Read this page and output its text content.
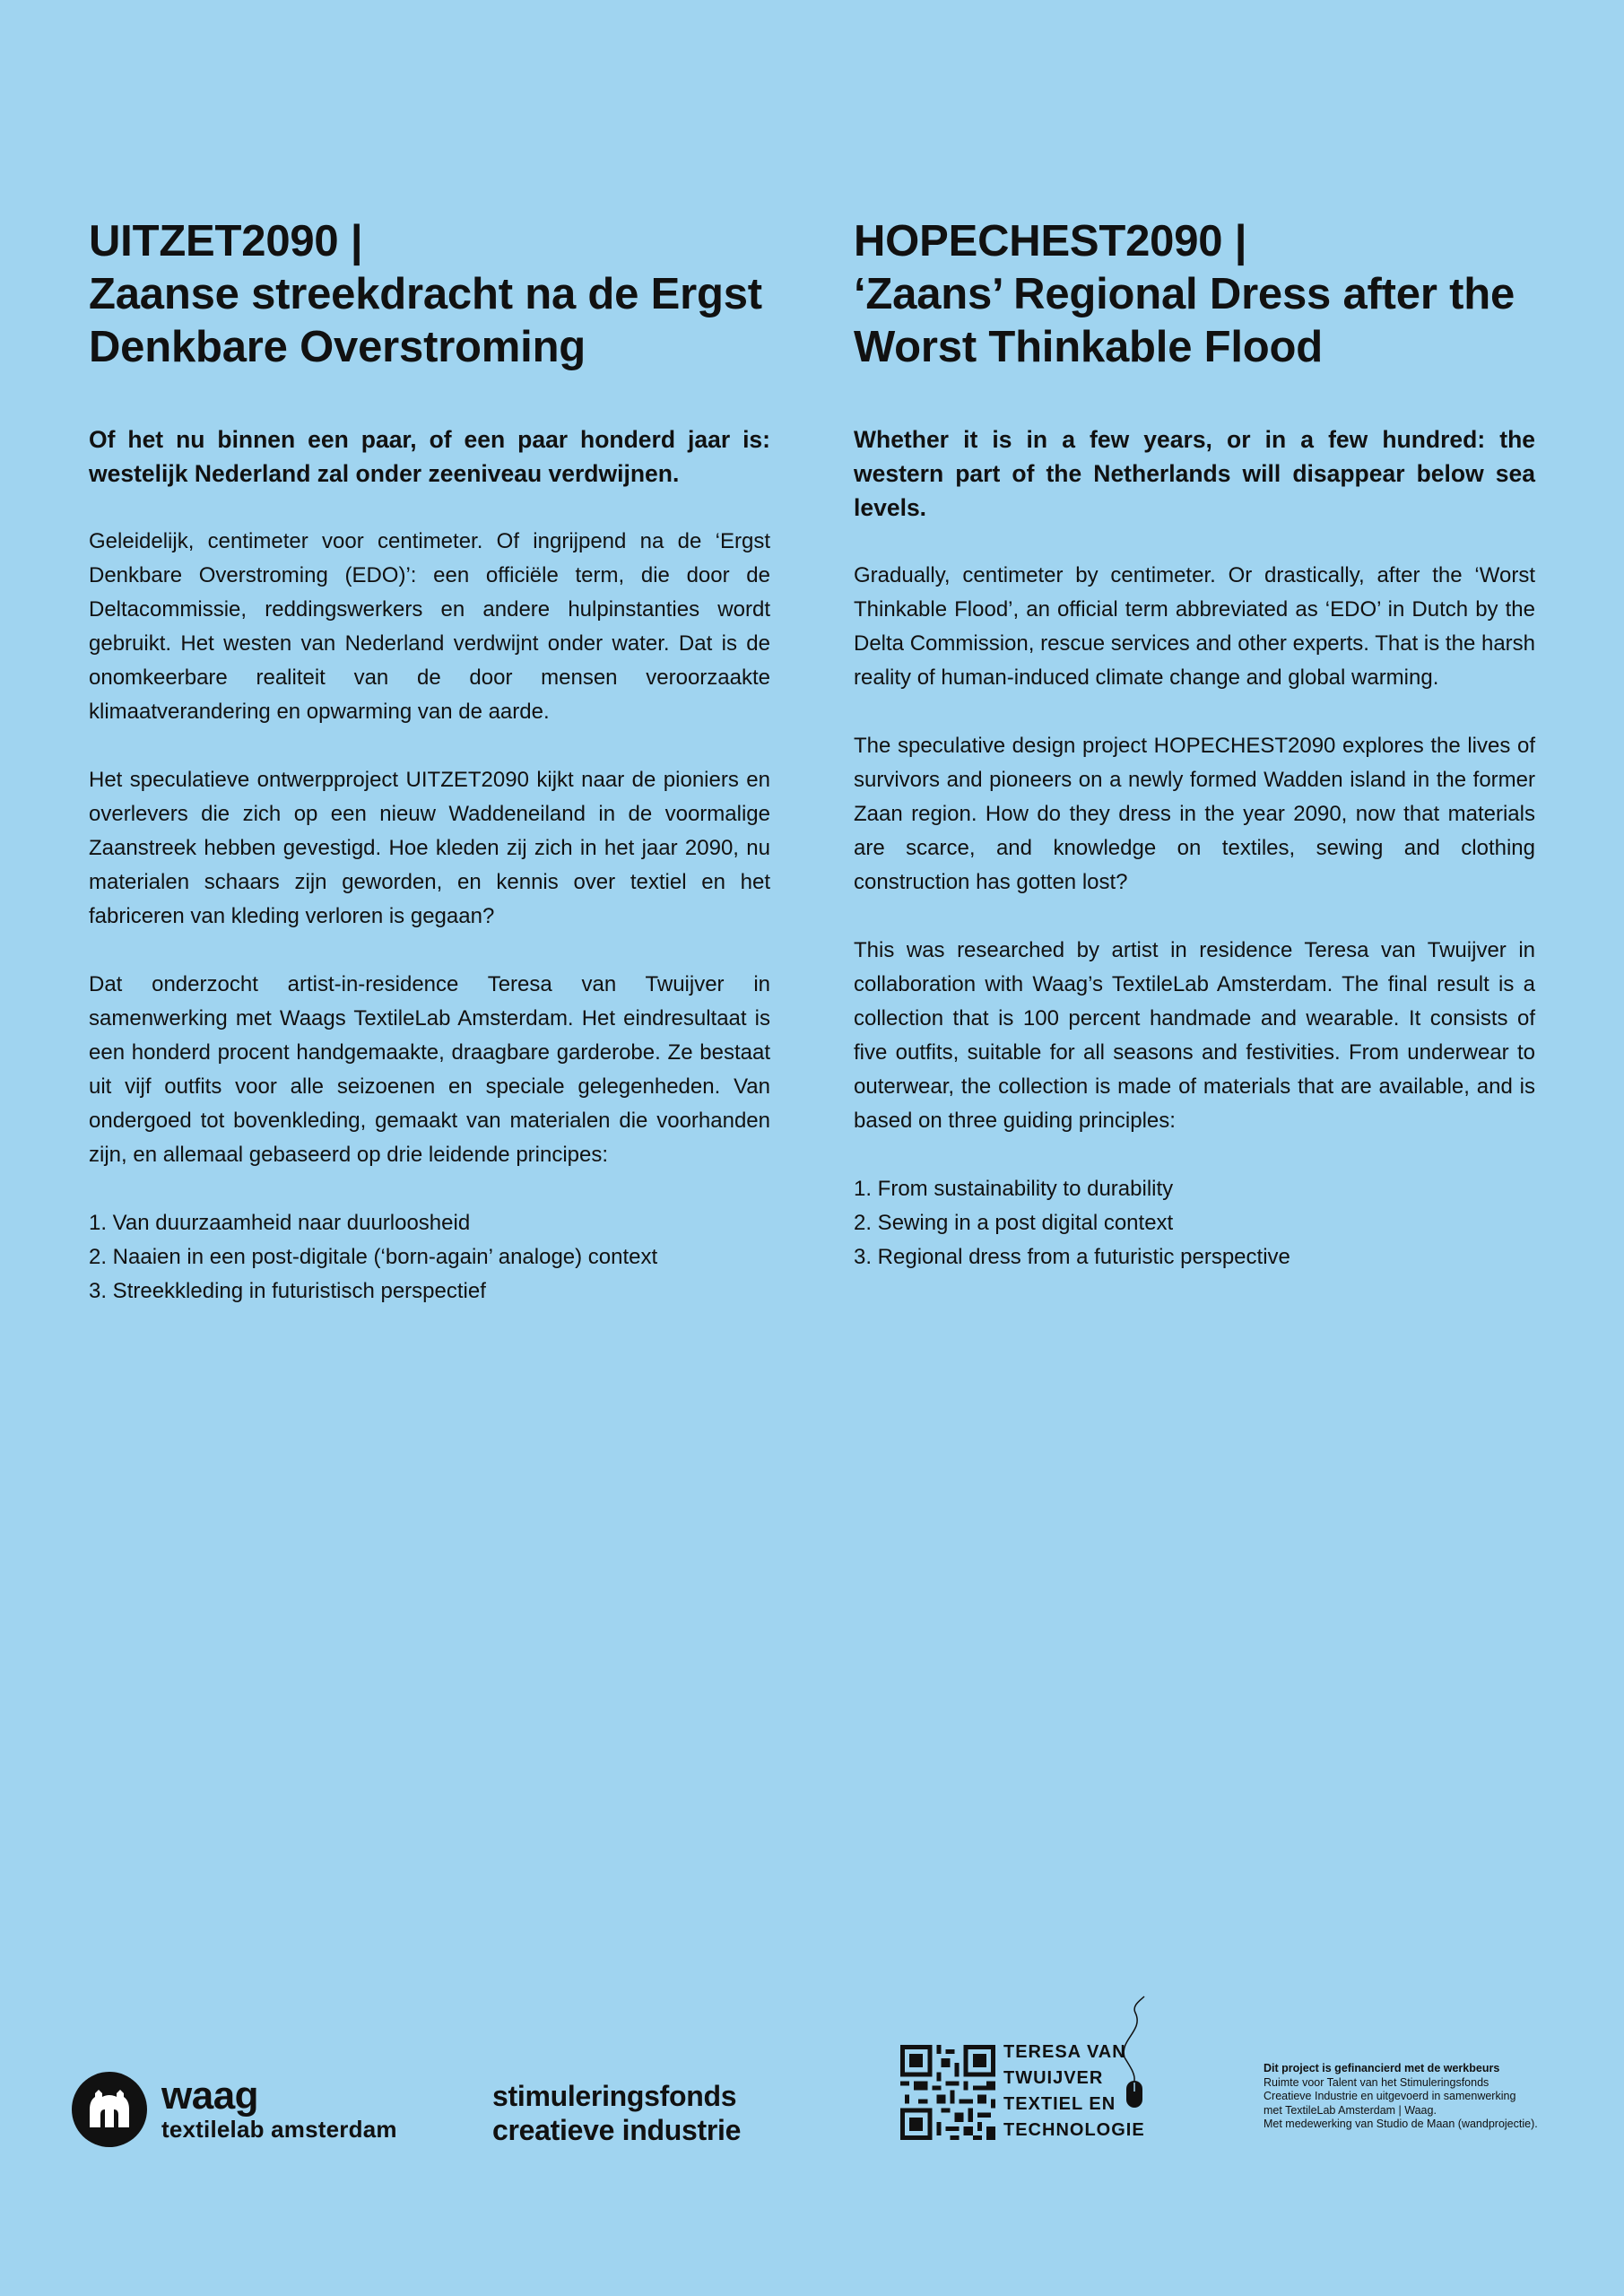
UITZET2090 |
Zaanse streekdracht na de Ergst
Denkbare Overstroming
Of het nu binnen een paar, of een paar honderd jaar is: westelijk Nederland zal onder zeeniveau verdwijnen.
Geleidelijk, centimeter voor centimeter. Of ingrijpend na de ‘Ergst Denkbare Overstroming (EDO)’: een officiële term, die door de Deltacommissie, reddingswerkers en andere hulpinstanties wordt gebruikt. Het westen van Nederland verdwijnt onder water. Dat is de onomkeerbare realiteit van de door mensen veroorzaakte klimaatverandering en opwarming van de aarde.
Het speculatieve ontwerpproject UITZET2090 kijkt naar de pioniers en overlevers die zich op een nieuw Waddeneiland in de voormalige Zaanstreek hebben gevestigd. Hoe kleden zij zich in het jaar 2090, nu materialen schaars zijn geworden, en kennis over textiel en het fabriceren van kleding verloren is gegaan?
Dat onderzocht artist-in-residence Teresa van Twuijver in samenwerking met Waags TextileLab Amsterdam. Het eindresultaat is een honderd procent handgemaakte, draagbare garderobe. Ze bestaat uit vijf outfits voor alle seizoenen en speciale gelegenheden. Van ondergoed tot bovenkleding, gemaakt van materialen die voorhanden zijn, en allemaal gebaseerd op drie leidende principes:
1. Van duurzaamheid naar duurloosheid
2. Naaien in een post-digitale (‘born-again’ analoge) context
3. Streekkleding in futuristisch perspectief
HOPECHEST2090 |
‘Zaans’ Regional Dress after the
Worst Thinkable Flood
Whether it is in a few years, or in a few hundred: the western part of the Netherlands will disappear below sea levels.
Gradually, centimeter by centimeter. Or drastically, after the ‘Worst Thinkable Flood’, an official term abbreviated as ‘EDO’ in Dutch by the Delta Commission, rescue services and other experts. That is the harsh reality of human-induced climate change and global warming.
The speculative design project HOPECHEST2090 explores the lives of survivors and pioneers on a newly formed Wadden island in the former Zaan region. How do they dress in the year 2090, now that materials are scarce, and knowledge on textiles, sewing and clothing construction has gotten lost?
This was researched by artist in residence Teresa van Twuijver in collaboration with Waag’s TextileLab Amsterdam. The final result is a collection that is 100 percent handmade and wearable. It consists of five outfits, suitable for all seasons and festivities. From underwear to outerwear, the collection is made of materials that are available, and is based on three guiding principles:
1. From sustainability to durability
2. Sewing in a post digital context
3. Regional dress from a futuristic perspective
waag
textilelab amsterdam
stimuleringsfonds
creatieve industrie
TERESA VAN
TWUIJVER
TEXTIEL EN
TECHNOLOGIE
Dit project is gefinancierd met de werkbeurs
Ruimte voor Talent van het Stimuleringsfonds
Creatieve Industrie en uitgevoerd in samenwerking
met TextileLab Amsterdam | Waag.
Met medewerking van Studio de Maan (wandprojectie).
